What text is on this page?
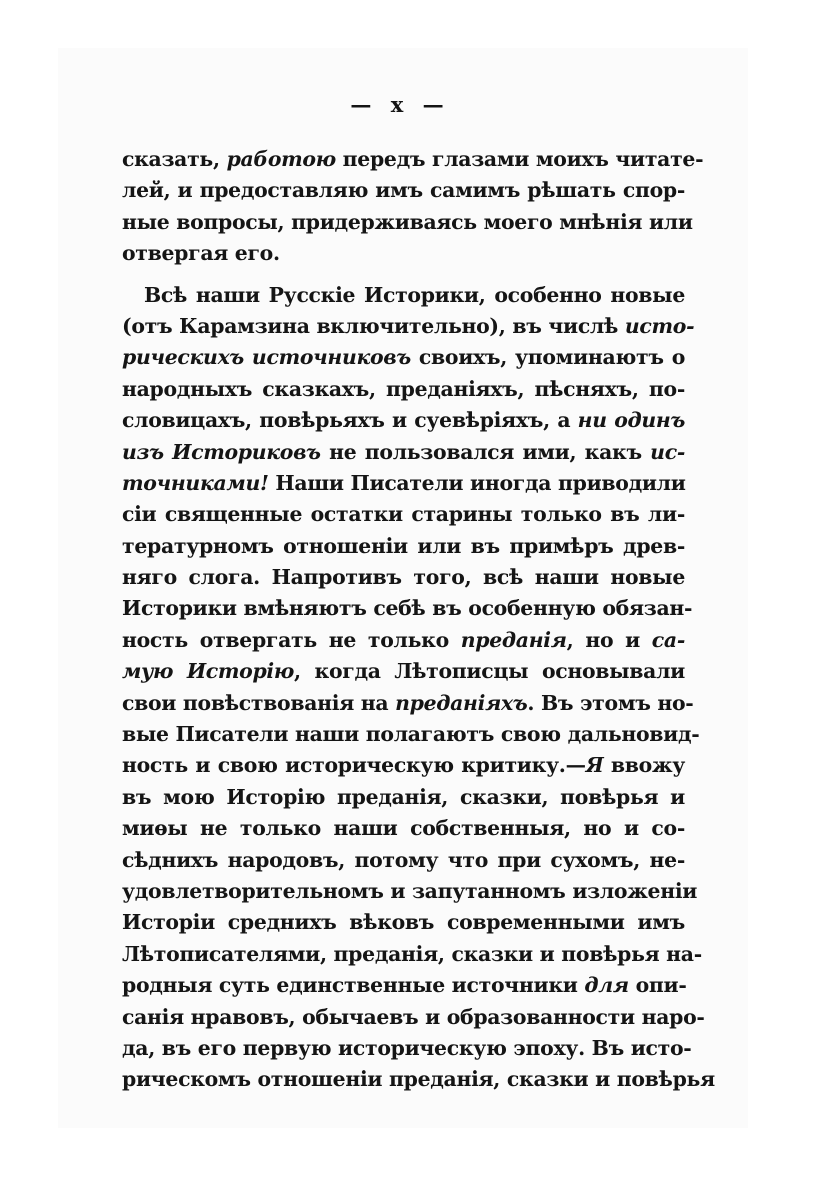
— x —
сказать, работою передъ глазами моихъ читате-
лей, и предоставляю имъ самимъ рѣшать спор-
ные вопросы, придерживаясь моего мнѣнія или
отвергая его.
Всѣ наши Русскіе Историки, особенно новые
(отъ Карамзина включительно), въ числѣ исто-
рическихъ источниковъ своихъ, упоминаютъ о
народныхъ сказкахъ, преданіяхъ, пѣсняхъ, по-
словицахъ, повѣрьяхъ и суевѣріяхъ, а ни одинъ
изъ Историковъ не пользовался ими, какъ ис-
точниками! Наши Писатели иногда приводили
сіи священные остатки старины только въ ли-
тературномъ отношеніи или въ примѣръ древ-
няго слога. Напротивъ того, всѣ наши новые
Историки вмѣняютъ себѣ въ особенную обязан-
ность отвергать не только преданія, но и са-
мую Исторію, когда Лѣтописцы основывали
свои повѣствованія на преданіяхъ. Въ этомъ но-
вые Писатели наши полагаютъ свою дальновид-
ность и свою историческую критику.—Я ввожу
въ мою Исторію преданія, сказки, повѣрья и
миѳы не только наши собственныя, но и со-
сѣднихъ народовъ, потому что при сухомъ, не-
удовлетворительномъ и запутанномъ изложеніи
Исторіи среднихъ вѣковъ современными имъ
Лѣтописателями, преданія, сказки и повѣрья на-
родныя суть единственные источники для опи-
санія нравовъ, обычаевъ и образованности наро-
да, въ его первую историческую эпоху. Въ исто-
рическомъ отношеніи преданія, сказки и повѣрья
